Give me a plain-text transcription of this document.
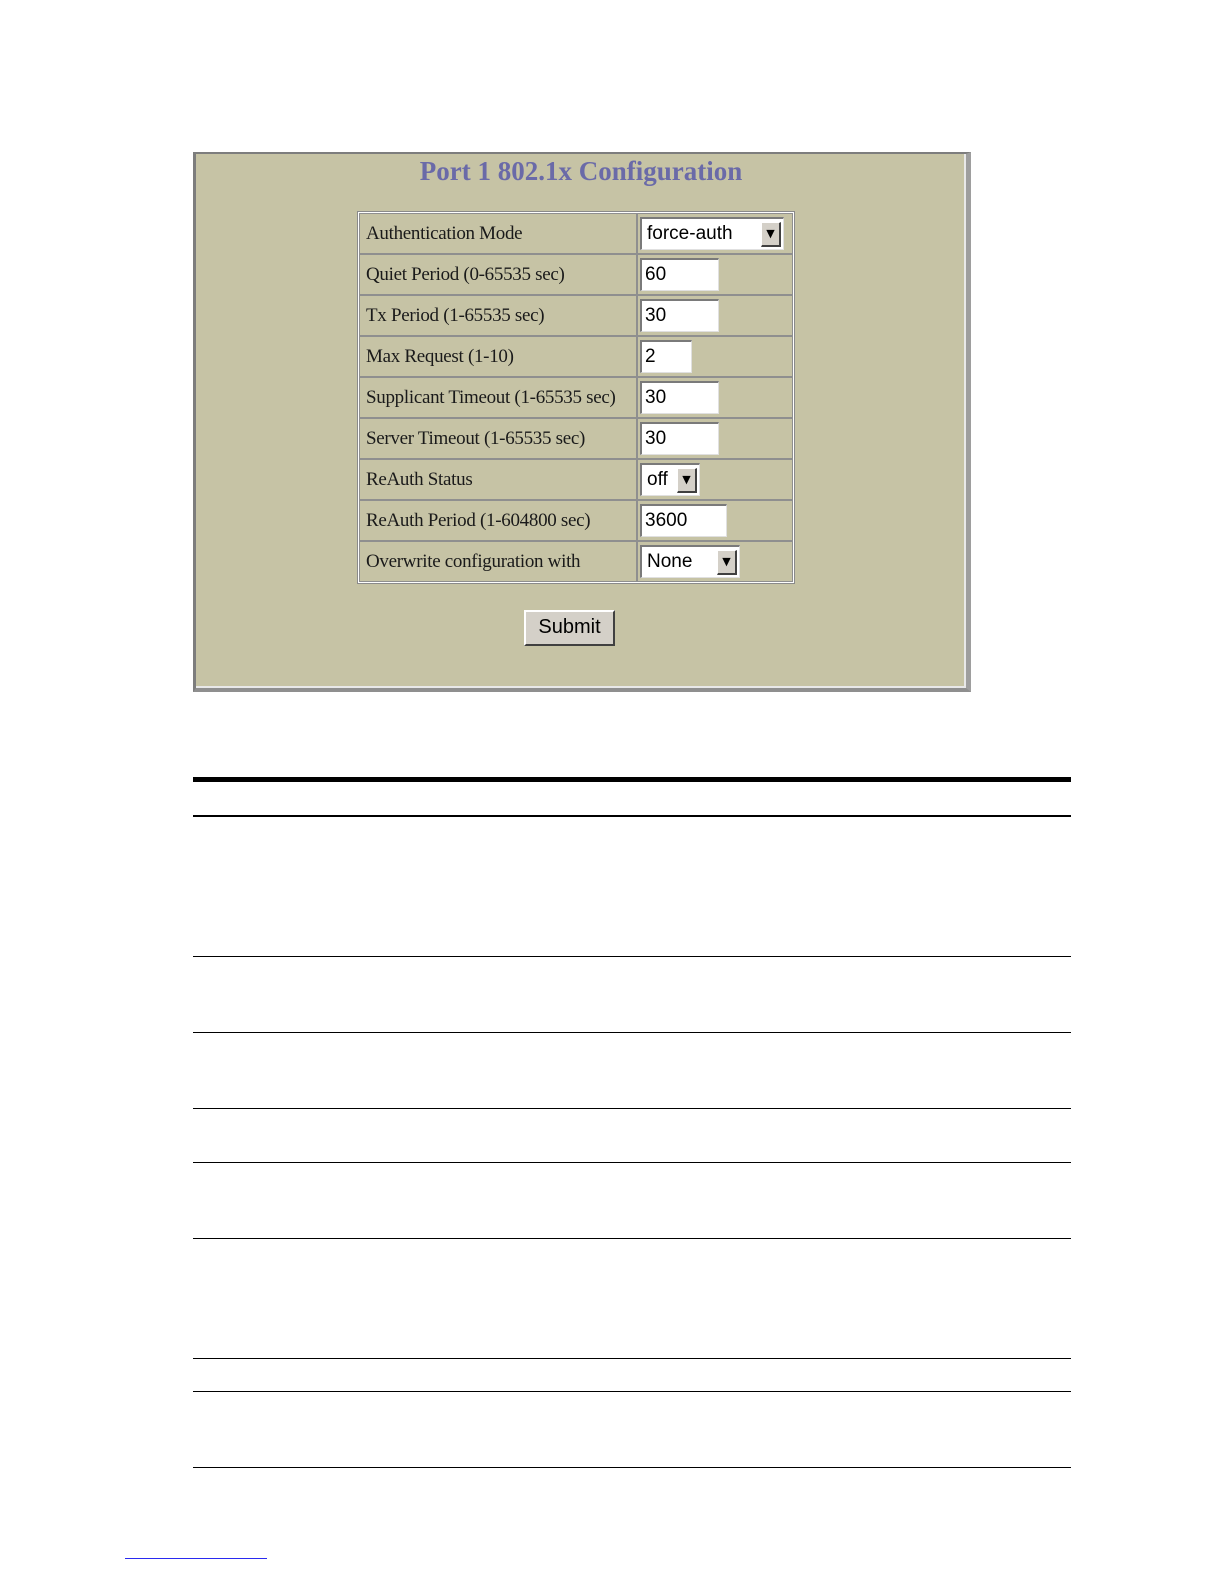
Port 1 802.1x Configuration
Authentication Mode	force-auth ▼

Quiet Period (0-65535 sec)	60
Tx Period (1-65535 sec)	30
Max Request (1-10)	2
Supplicant Timeout (1-65535 sec)	30
Server Timeout (1-65535 sec)	30
ReAuth Status	off ▼

ReAuth Period (1-604800 sec)	3600
Overwrite configuration with	None ▼
Submit
